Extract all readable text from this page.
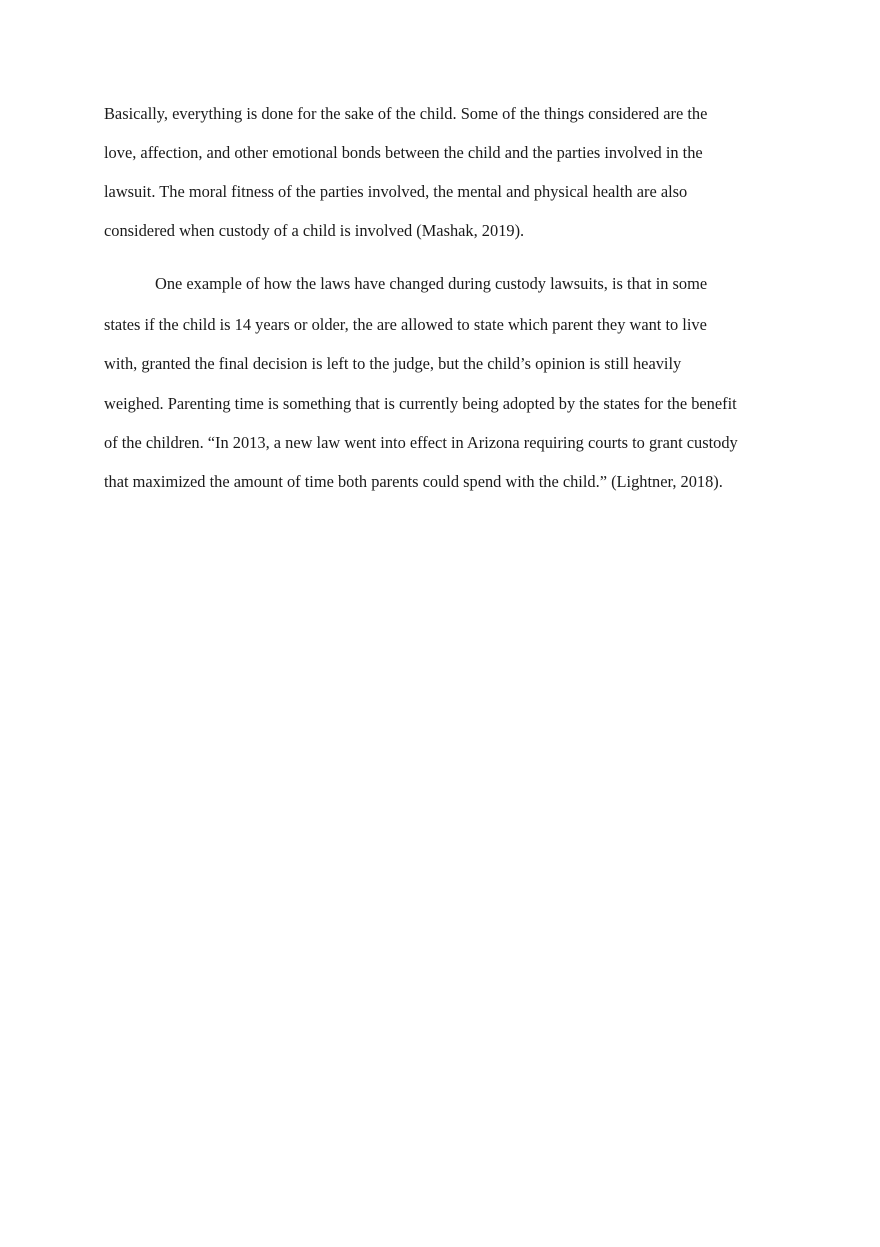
Basically, everything is done for the sake of the child. Some of the things considered are the
love, affection, and other emotional bonds between the child and the parties involved in the
lawsuit. The moral fitness of the parties involved, the mental and physical health are also
considered when custody of a child is involved (Mashak, 2019).
One example of how the laws have changed during custody lawsuits, is that in some
states if the child is 14 years or older, the are allowed to state which parent they want to live
with, granted the final decision is left to the judge, but the child’s opinion is still heavily
weighed. Parenting time is something that is currently being adopted by the states for the benefit
of the children. “In 2013, a new law went into effect in Arizona requiring courts to grant custody
that maximized the amount of time both parents could spend with the child.” (Lightner, 2018).
